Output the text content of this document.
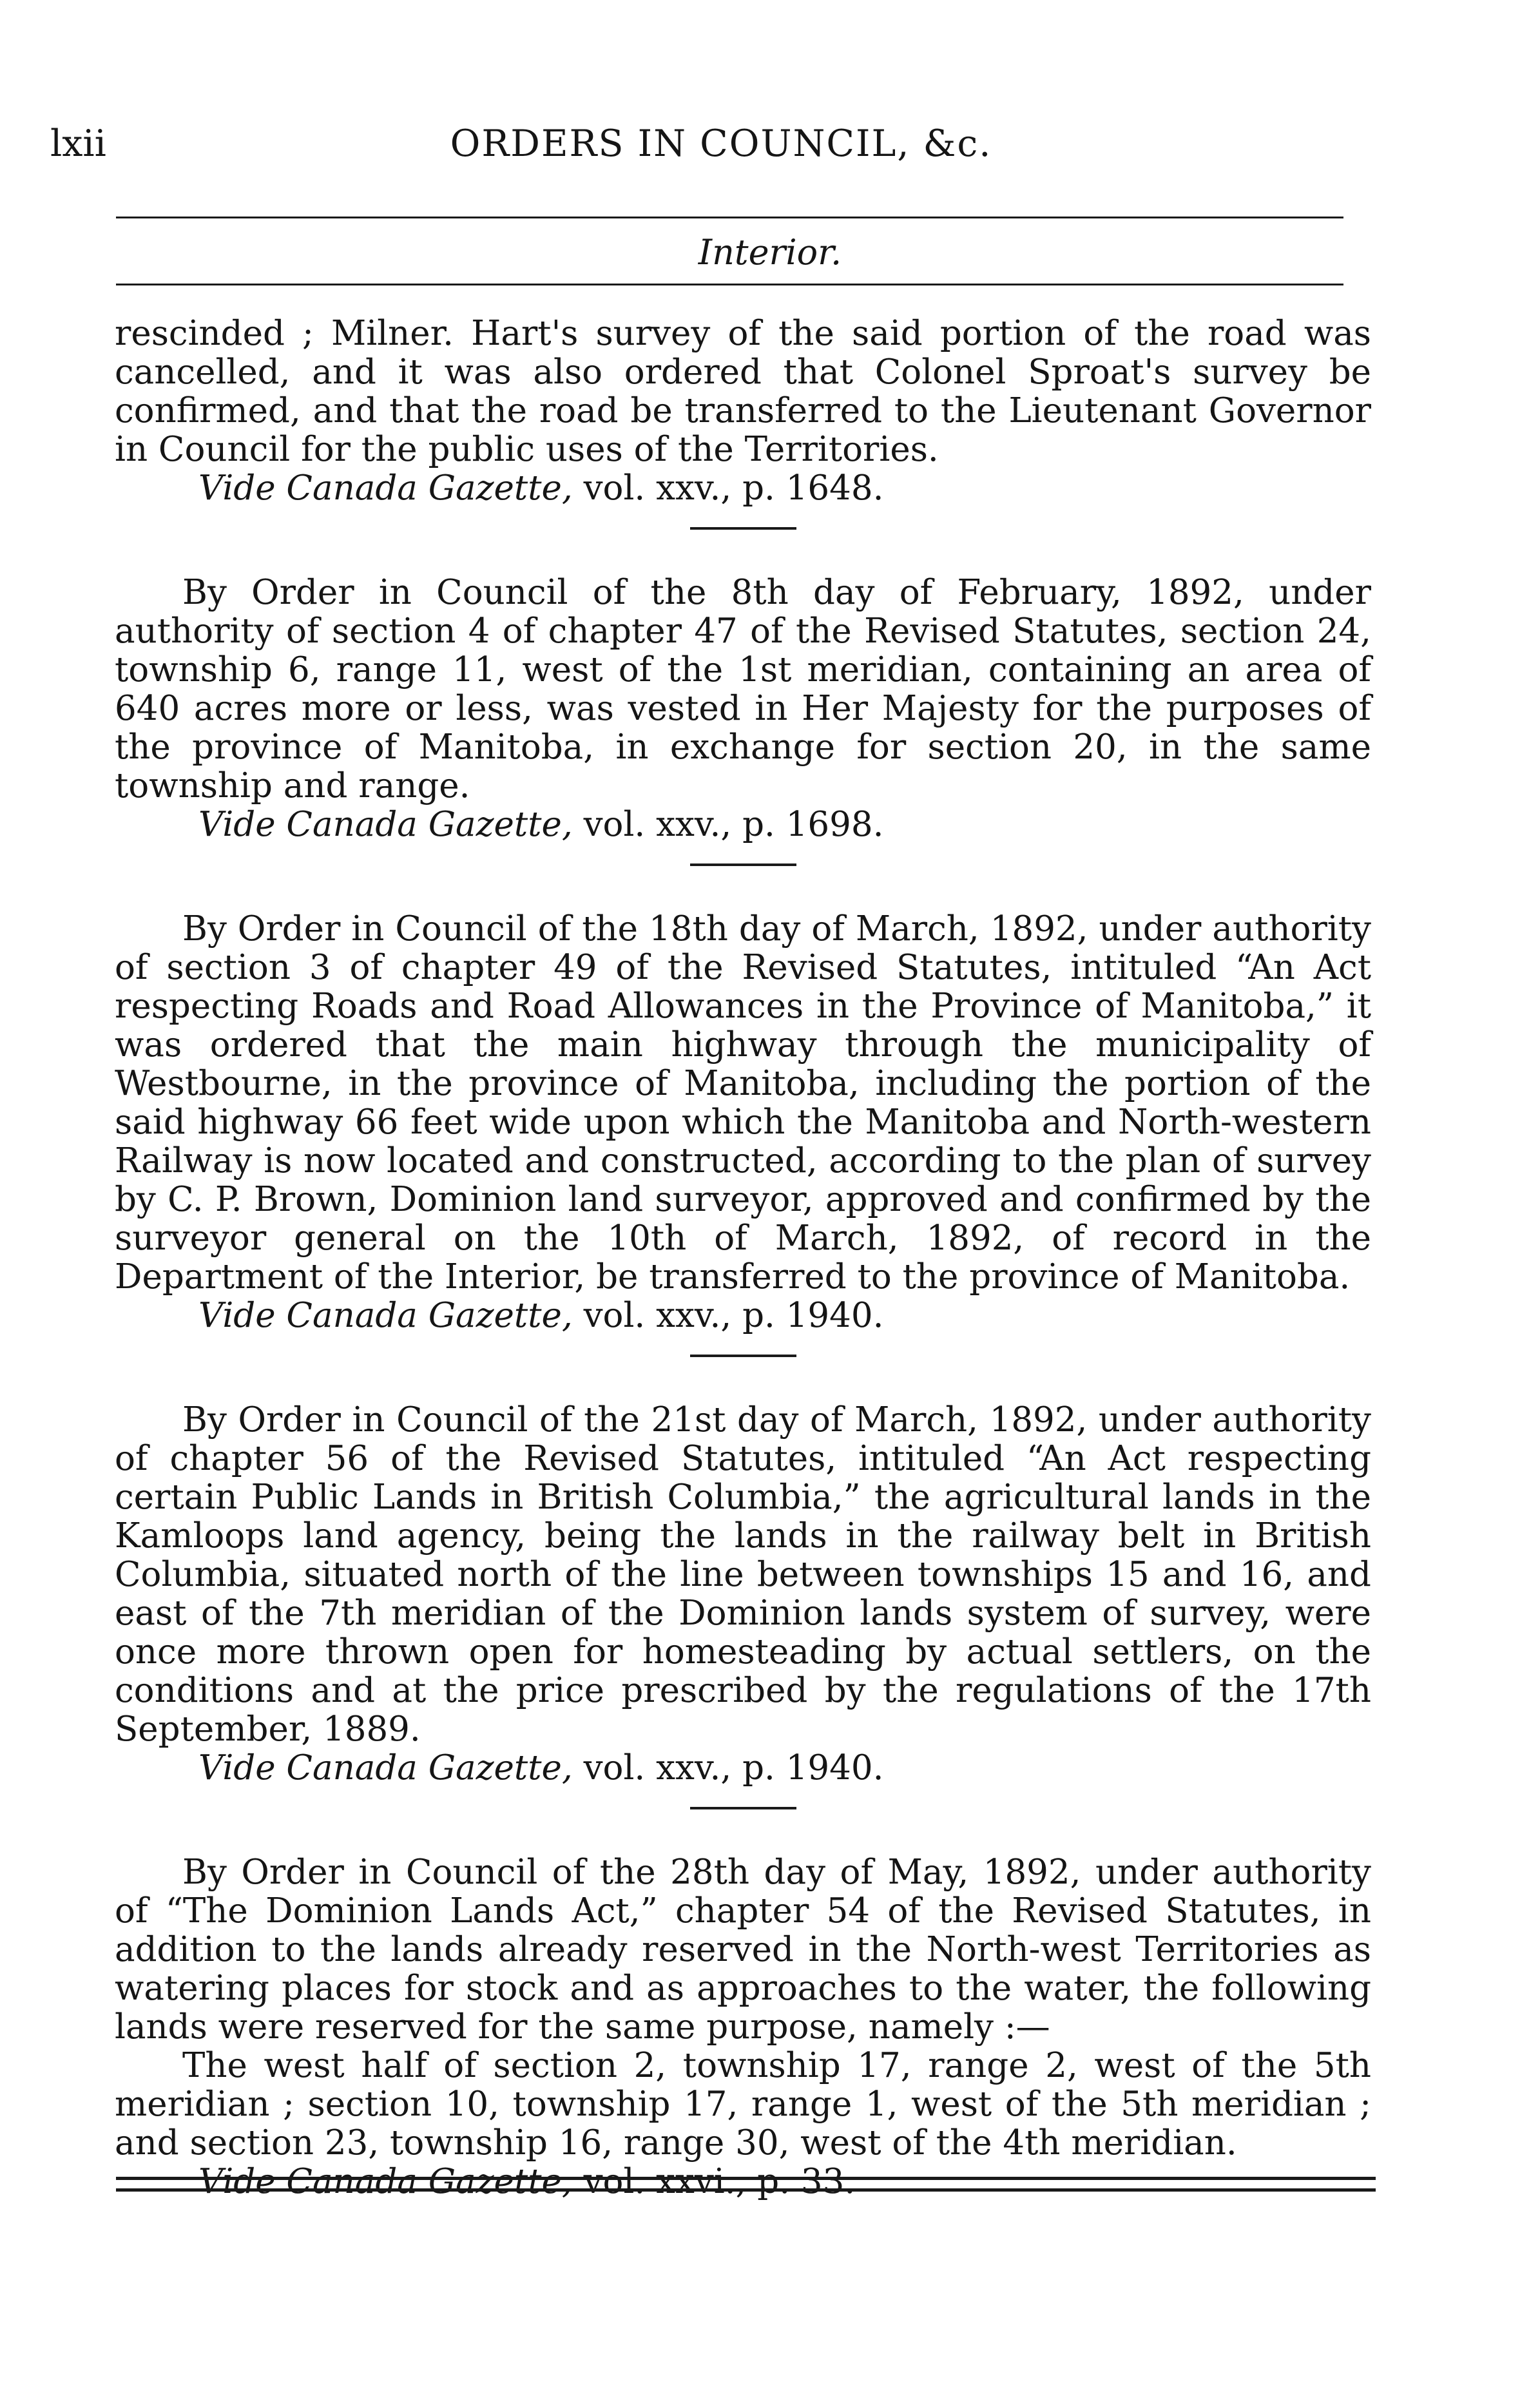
lxii	ORDERS IN COUNCIL, &c.
Interior.

rescinded ; Milner. Hart's survey of the said portion of the road was cancelled, and it was also ordered that Colonel Sproat's survey be confirmed, and that the road be transferred to the Lieutenant Governor in Council for the public uses of the Territories.

Vide Canada Gazette, vol. xxv., p. 1648.

By Order in Council of the 8th day of February, 1892, under authority of section 4 of chapter 47 of the Revised Statutes, section 24, township 6, range 11, west of the 1st meridian, containing an area of 640 acres more or less, was vested in Her Majesty for the purposes of the province of Manitoba, in exchange for section 20, in the same township and range.

Vide Canada Gazette, vol. xxv., p. 1698.

By Order in Council of the 18th day of March, 1892, under authority of section 3 of chapter 49 of the Revised Statutes, intituled “An Act respecting Roads and Road Allowances in the Province of Manitoba,” it was ordered that the main highway through the municipality of Westbourne, in the province of Manitoba, including the portion of the said highway 66 feet wide upon which the Manitoba and North-western Railway is now located and constructed, according to the plan of survey by C. P. Brown, Dominion land surveyor, approved and confirmed by the surveyor general on the 10th of March, 1892, of record in the Department of the Interior, be transferred to the province of Manitoba.

Vide Canada Gazette, vol. xxv., p. 1940.

By Order in Council of the 21st day of March, 1892, under authority of chapter 56 of the Revised Statutes, intituled “An Act respecting certain Public Lands in British Columbia,” the agricultural lands in the Kamloops land agency, being the lands in the railway belt in British Columbia, situated north of the line between townships 15 and 16, and east of the 7th meridian of the Dominion lands system of survey, were once more thrown open for homesteading by actual settlers, on the conditions and at the price prescribed by the regulations of the 17th September, 1889.

Vide Canada Gazette, vol. xxv., p. 1940.

By Order in Council of the 28th day of May, 1892, under authority of “The Dominion Lands Act,” chapter 54 of the Revised Statutes, in addition to the lands already reserved in the North-west Territories as watering places for stock and as approaches to the water, the following lands were reserved for the same purpose, namely :—

The west half of section 2, township 17, range 2, west of the 5th meridian ; section 10, township 17, range 1, west of the 5th meridian ; and section 23, township 16, range 30, west of the 4th meridian.

Vide Canada Gazette, vol. xxvi., p. 33.
